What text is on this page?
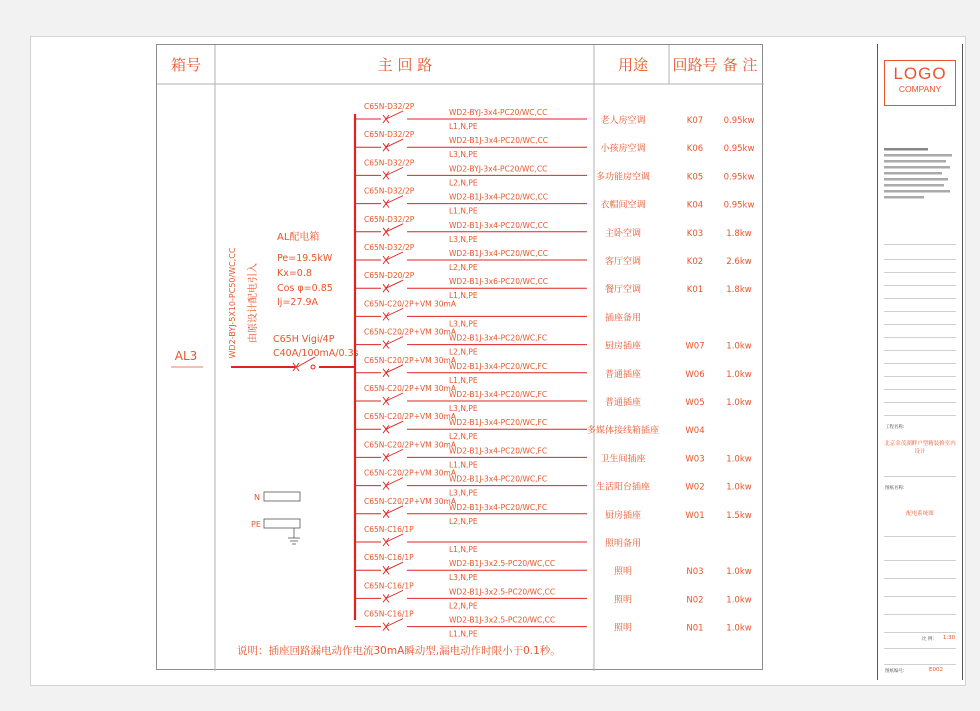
箱号	主 回 路	用途 回路号 备 注
AL3	WD2-BYJ-5X10-PC50/WC,CC 由原设计配电引入
AL配电箱
Pe=19.5kW
Kx=0.8
Cos φ=0.85
Ij=27.9A
C65H Vigi/4P
C40A/100mA/0.3s
N
PE
C65N-D32/2P
WD2-BYJ-3x4-PC20/WC,CC
L1,N,PE
老人房空调	K07 0.95kw
C65N-D32/2P
WD2-B1J-3x4-PC20/WC,CC
L3,N,PE
小孩房空调	K06 0.95kw
C65N-D32/2P
WD2-BYJ-3x4-PC20/WC,CC
L2,N,PE
多功能房空调	K05 0.95kw
C65N-D32/2P
WD2-B1J-3x4-PC20/WC,CC
L1,N,PE
衣帽间空调	K04 0.95kw
C65N-D32/2P
WD2-B1J-3x4-PC20/WC,CC
L3,N,PE
主卧空调	K03	1.8kw
C65N-D32/2P
WD2-B1J-3x4-PC20/WC,CC
L2,N,PE
客厅空调	K02	2.6kw
C65N-D20/2P
WD2-B1J-3x6-PC20/WC,CC
L1,N,PE
餐厅空调	K01	1.8kw
C65N-C20/2P+VM 30mA
L3,N,PE
插座备用
C65N-C20/2P+VM 30mA
WD2-B1J-3x4-PC20/WC,FC
L2,N,PE
厨房插座	W07	1.0kw
C65N-C20/2P+VM 30mA
WD2-B1J-3x4-PC20/WC,FC
L1,N,PE
普通插座	W06	1.0kw
C65N-C20/2P+VM 30mA
WD2-B1J-3x4-PC20/WC,FC
L3,N,PE
普通插座	W05	1.0kw
C65N-C20/2P+VM 30mA
WD2-B1J-3x4-PC20/WC,FC
L2,N,PE
多媒体接线箱插座	W04
C65N-C20/2P+VM 30mA
WD2-B1J-3x4-PC20/WC,FC
L1,N,PE
卫生间插座	W03	1.0kw
C65N-C20/2P+VM 30mA
WD2-B1J-3x4-PC20/WC,FC
L3,N,PE
生活阳台插座	W02	1.0kw
C65N-C20/2P+VM 30mA
WD2-B1J-3x4-PC20/WC,FC
L2,N,PE
厨房插座	W01	1.5kw
C65N-C16/1P
L1,N,PE
照明备用
C65N-C16/1P
WD2-B1J-3x2.5-PC20/WC,CC
L3,N,PE
照明	N03	1.0kw
C65N-C16/1P
WD2-B1J-3x2.5-PC20/WC,CC
L2,N,PE
照明	N02	1.0kw
C65N-C16/1P
WD2-B1J-3x2.5-PC20/WC,CC
L1,N,PE
照明	N01	1.0kw
说明：插座回路漏电动作电流30mA瞬动型,漏电动作时限小于0.1秒。
LOGO
COMPANY
工程名称:
北京金茂湖畔户型精装修室内设计
图纸名称:
配电系统图
比 例:	1:30
图纸编号:	E002
